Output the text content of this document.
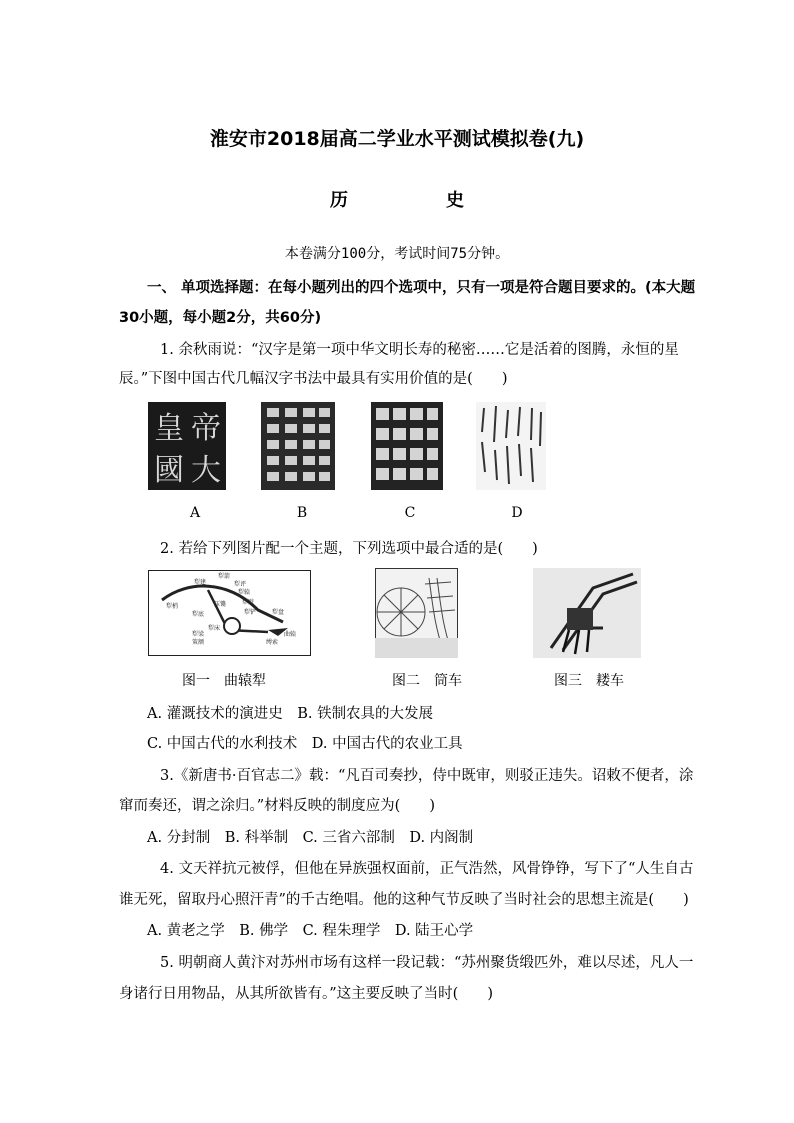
淮安市2018届高二学业水平测试模拟卷(九)
历　史
本卷满分100分，考试时间75分钟。
一、 单项选择题：在每小题列出的四个选项中，只有一项是符合题目要求的。(本大题
30小题，每小题2分，共60分)
1. 余秋雨说：“汉字是第一项中华文明长寿的秘密……它是活着的图腾，永恒的星
辰。”下图中国古代几幅汉字书法中最具有实用价值的是(　　)
皇 帝
國 大
A	B	C	D
2. 若给下列图片配一个主题，下列选项中最合适的是(　　)
犁箭
犁评
犁建
犁辕
犁梢	压镵	犁壁
犁底	犁铲
犁床
犁盘
犁梁	曲辕
策额	缚索
图一　曲辕犁	图二　筒车	图三　耧车
A. 灌溉技术的演进史　B. 铁制农具的大发展
C. 中国古代的水利技术　D. 中国古代的农业工具
3.《新唐书·百官志二》载：“凡百司奏抄，侍中既审，则驳正违失。诏敕不便者，涂
窜而奏还，谓之涂归。”材料反映的制度应为(　　)
A. 分封制　B. 科举制　C. 三省六部制　D. 内阁制
4. 文天祥抗元被俘，但他在异族强权面前，正气浩然，风骨铮铮，写下了“人生自古
谁无死，留取丹心照汗青”的千古绝唱。他的这种气节反映了当时社会的思想主流是(　　)
A. 黄老之学　B. 佛学　C. 程朱理学　D. 陆王心学
5. 明朝商人黄汴对苏州市场有这样一段记载：“苏州聚货缎匹外，难以尽述，凡人一
身诸行日用物品，从其所欲皆有。”这主要反映了当时(　　)
